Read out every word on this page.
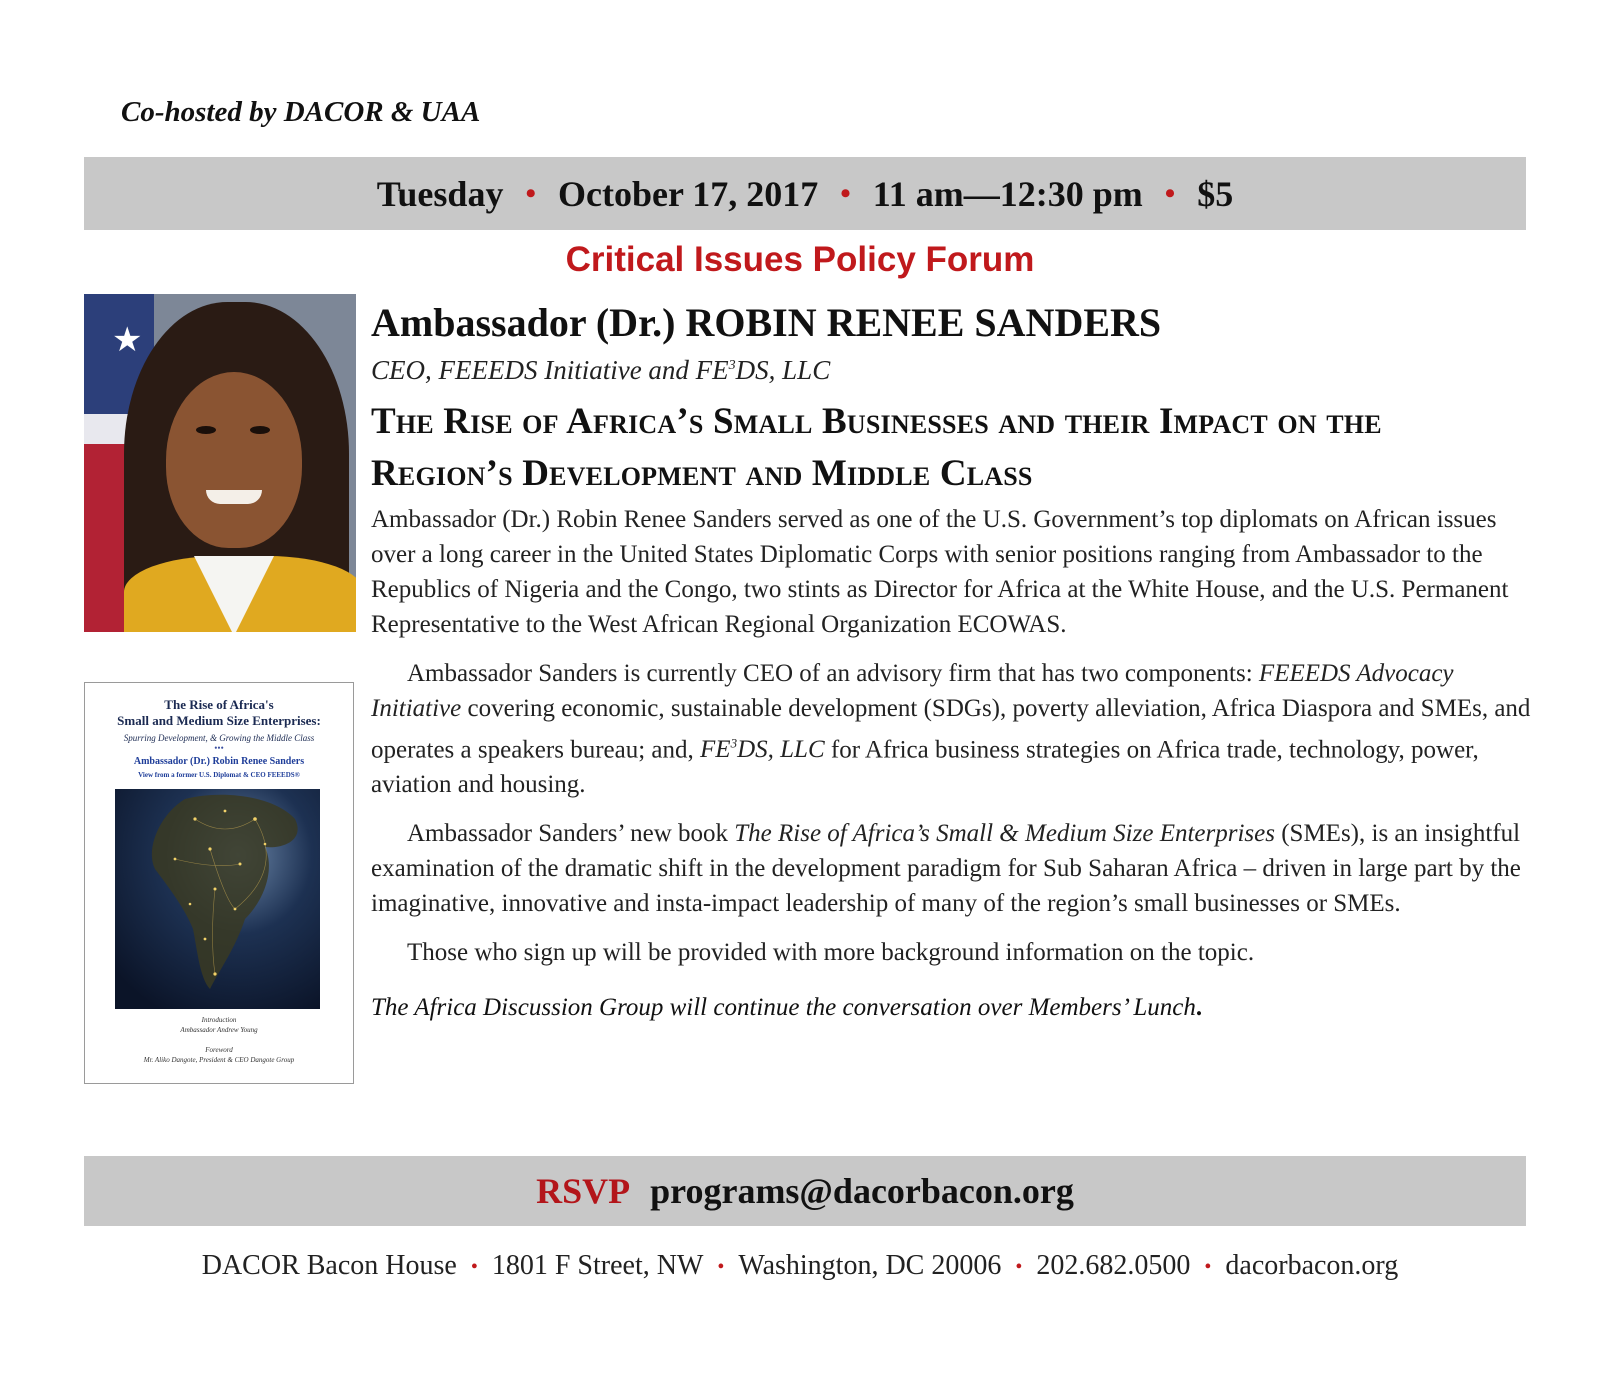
Co-hosted by DACOR & UAA
Tuesday • October 17, 2017 • 11 am—12:30 pm • $5
Critical Issues Policy Forum
★
The Rise of Africa's
Small and Medium Size Enterprises:
Spurring Development, & Growing the Middle Class
•••
Ambassador (Dr.) Robin Renee Sanders
View from a former U.S. Diplomat & CEO FEEEDS®
Introduction
Ambassador Andrew Young
Foreword
Mr. Aliko Dangote, President & CEO Dangote Group

Ambassador (Dr.) ROBIN RENEE SANDERS

CEO, FEEEDS Initiative and $FE^3DS$, LLC

The Rise of Africa’s Small Businesses and their Impact on the Region’s Development and Middle Class

Ambassador (Dr.) Robin Renee Sanders served as one of the U.S. Government’s top diplomats on African issues over a long career in the United States Diplomatic Corps with senior positions ranging from Ambassador to the Republics of Nigeria and the Congo, two stints as Director for Africa at the White House, and the U.S. Permanent Representative to the West African Regional Organization ECOWAS.

Ambassador Sanders is currently CEO of an advisory firm that has two components: FEEEDS Advocacy Initiative covering economic, sustainable development (SDGs), poverty alleviation, Africa Diaspora and SMEs, and operates a speakers bureau; and, $FE^3DS$, LLC for Africa business strategies on Africa trade, technology, power, aviation and housing.

Ambassador Sanders’ new book The Rise of Africa’s Small & Medium Size Enterprises (SMEs), is an insightful examination of the dramatic shift in the development paradigm for Sub Saharan Africa – driven in large part by the imaginative, innovative and insta-impact leadership of many of the region’s small businesses or SMEs.

Those who sign up will be provided with more background information on the topic.

The Africa Discussion Group will continue the conversation over Members’ Lunch.

RSVP programs@dacorbacon.org
DACOR Bacon House • 1801 F Street, NW • Washington, DC 20006 • 202.682.0500 • dacorbacon.org
